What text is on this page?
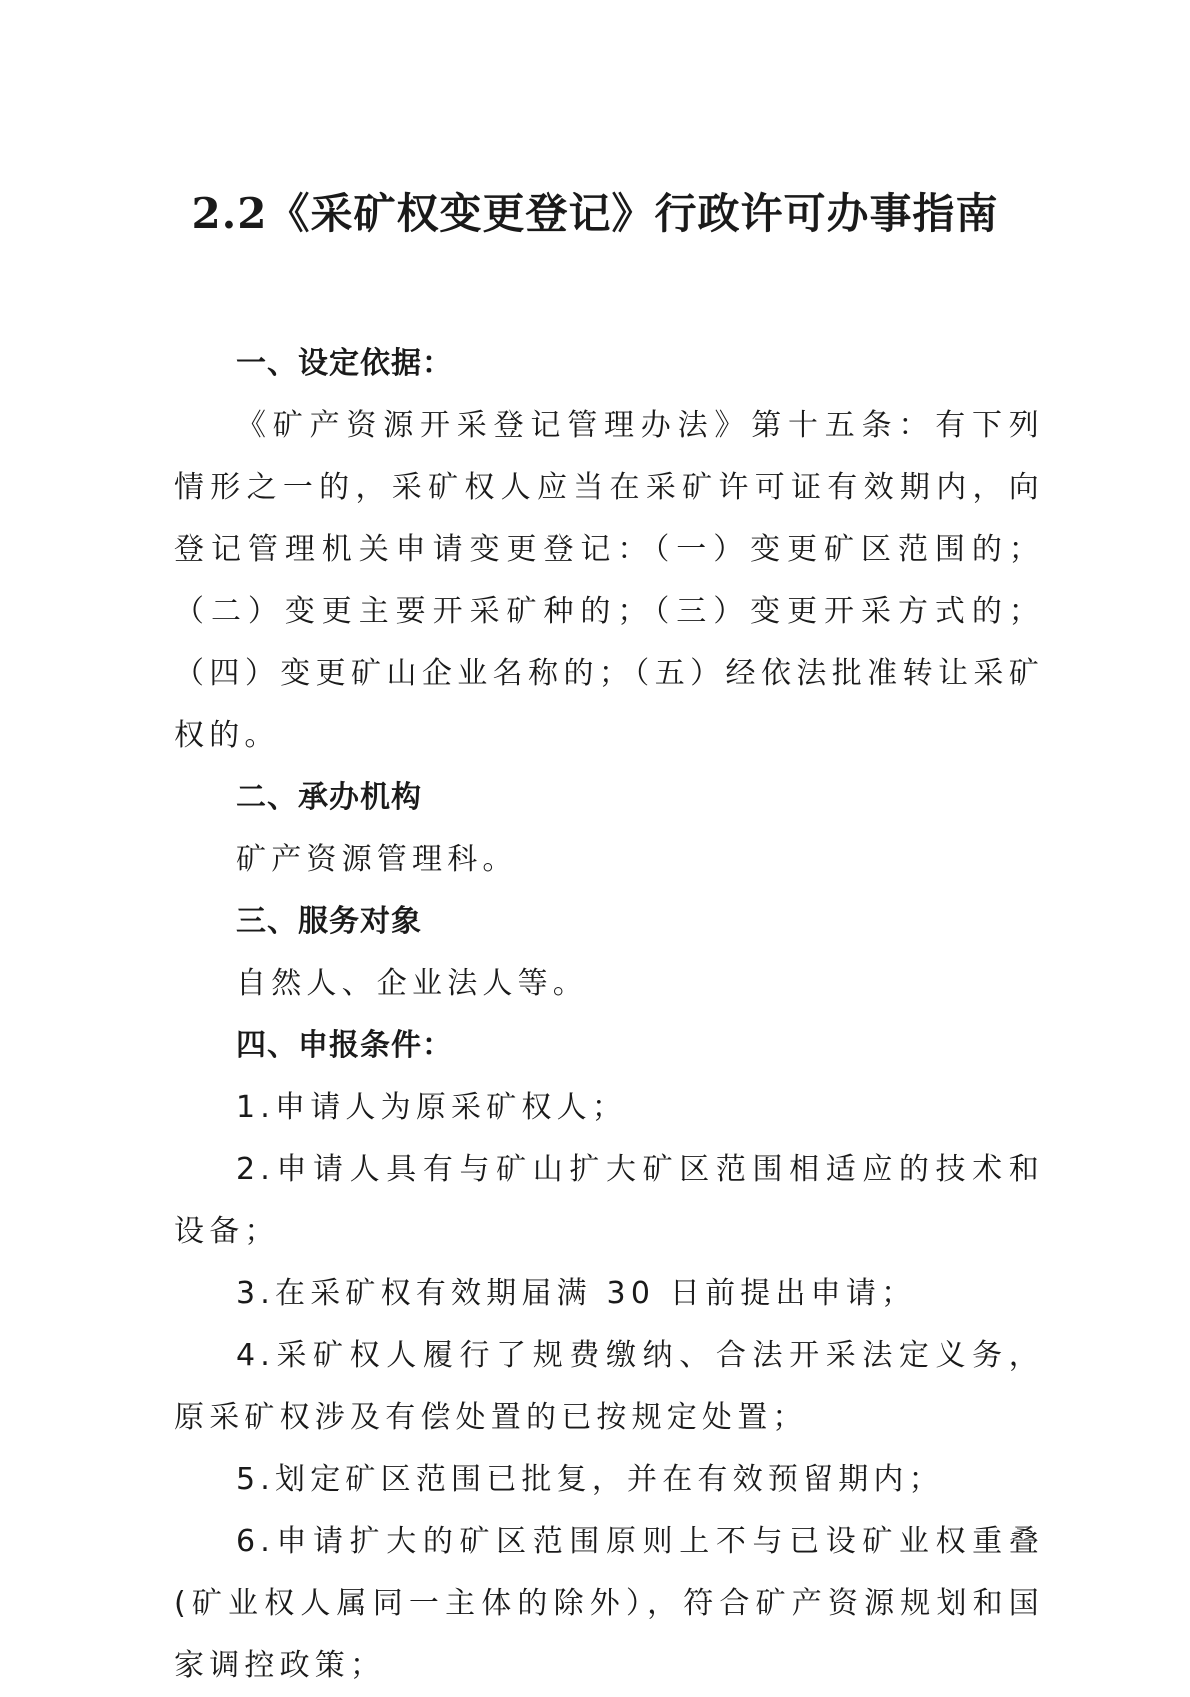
2.2《采矿权变更登记》行政许可办事指南

一、设定依据：

《矿产资源开采登记管理办法》第十五条：有下列情形之一的，采矿权人应当在采矿许可证有效期内，向登记管理机关申请变更登记：（一）变更矿区范围的；（二）变更主要开采矿种的；（三）变更开采方式的；（四）变更矿山企业名称的；（五）经依法批准转让采矿权的。

二、承办机构

矿产资源管理科。

三、服务对象

自然人、企业法人等。

四、申报条件：

1.申请人为原采矿权人；

2.申请人具有与矿山扩大矿区范围相适应的技术和设备；

3.在采矿权有效期届满 30 日前提出申请；

4.采矿权人履行了规费缴纳、合法开采法定义务，原采矿权涉及有偿处置的已按规定处置；

5.划定矿区范围已批复，并在有效预留期内；

6.申请扩大的矿区范围原则上不与已设矿业权重叠(矿业权人属同一主体的除外），符合矿产资源规划和国家调控政策；
